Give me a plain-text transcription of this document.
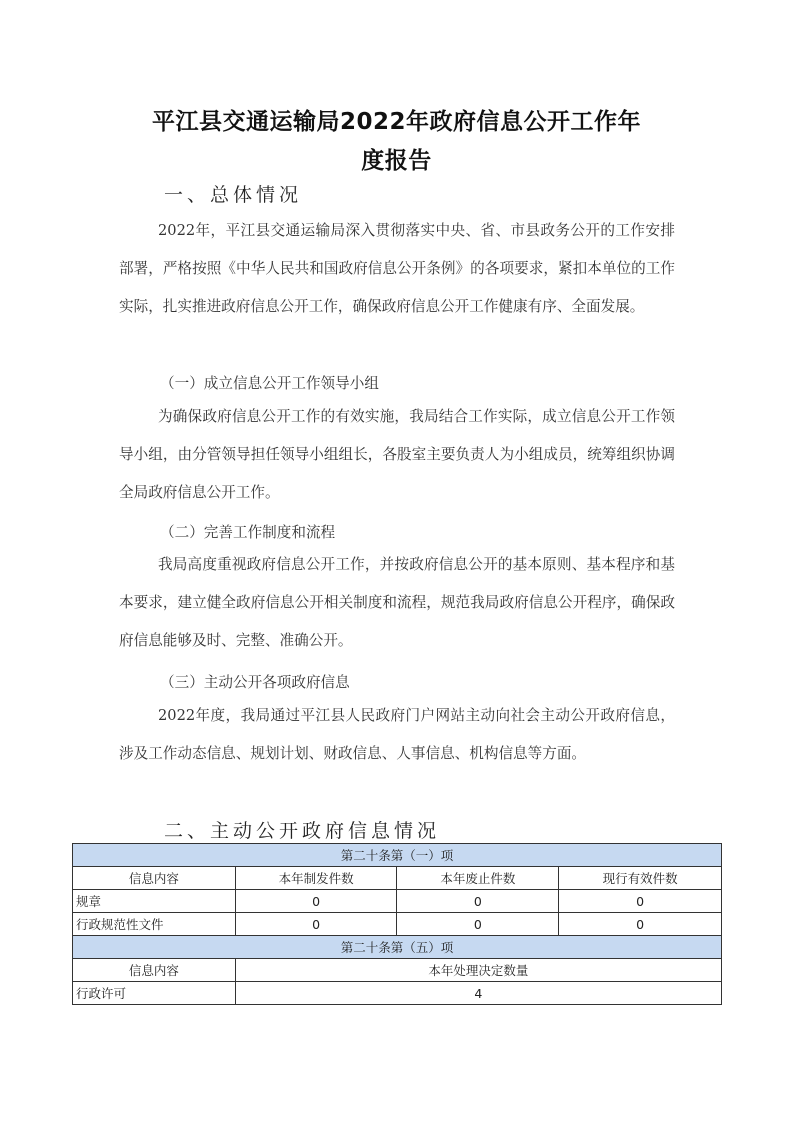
平江县交通运输局2022年政府信息公开工作年
度报告
一、总体情况
2022年，平江县交通运输局深入贯彻落实中央、省、市县政务公开的工作安排部署，严格按照《中华人民共和国政府信息公开条例》的各项要求，紧扣本单位的工作实际，扎实推进政府信息公开工作，确保政府信息公开工作健康有序、全面发展。
（一）成立信息公开工作领导小组
为确保政府信息公开工作的有效实施，我局结合工作实际，成立信息公开工作领导小组，由分管领导担任领导小组组长，各股室主要负责人为小组成员，统筹组织协调全局政府信息公开工作。
（二）完善工作制度和流程
我局高度重视政府信息公开工作，并按政府信息公开的基本原则、基本程序和基本要求，建立健全政府信息公开相关制度和流程，规范我局政府信息公开程序，确保政府信息能够及时、完整、准确公开。
（三）主动公开各项政府信息
2022年度，我局通过平江县人民政府门户网站主动向社会主动公开政府信息，涉及工作动态信息、规划计划、财政信息、人事信息、机构信息等方面。
二、主动公开政府信息情况
第二十条第（一）项			
信息内容	本年制发件数	本年废止件数	现行有效件数
规章	0	0	0
行政规范性文件	0	0	0
第二十条第（五）项			
信息内容	本年处理决定数量		
行政许可	4		
